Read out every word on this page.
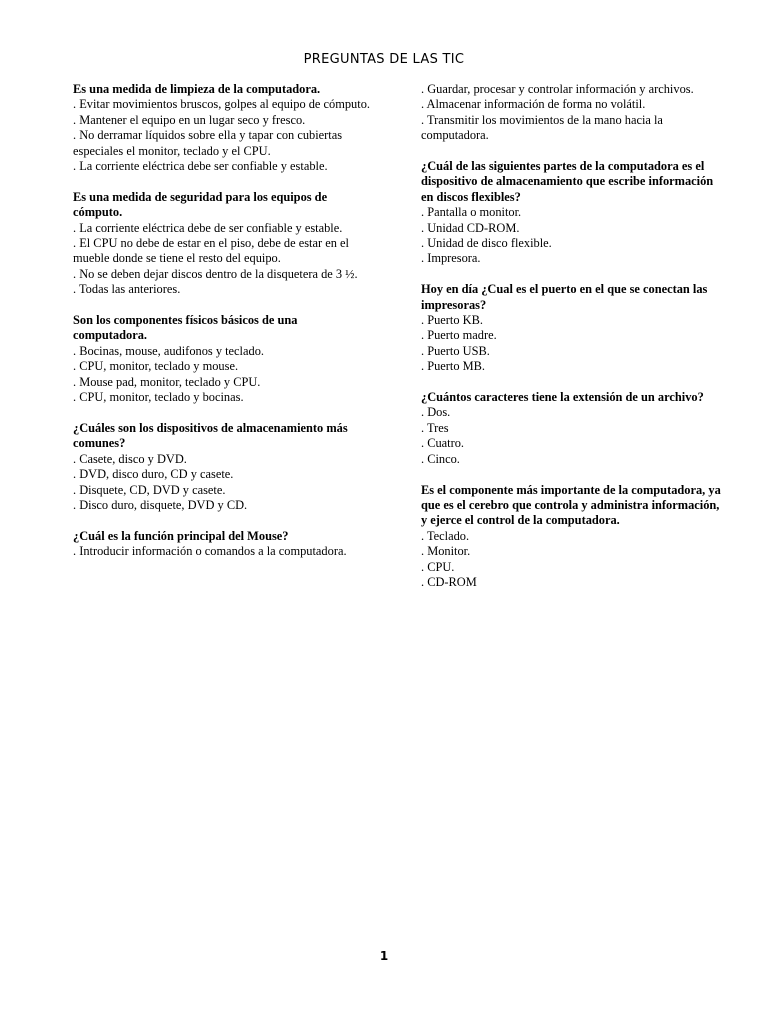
PREGUNTAS DE LAS TIC
Es una medida de limpieza de la computadora.
. Evitar movimientos bruscos, golpes al equipo de cómputo.
. Mantener el equipo en un lugar seco y fresco.
. No derramar líquidos sobre ella y tapar con cubiertas especiales el monitor, teclado y el CPU.
. La corriente eléctrica debe ser confiable y estable.
Es una medida de seguridad para los equipos de cómputo.
. La corriente eléctrica debe de ser confiable y estable.
. El CPU no debe de estar en el piso, debe de estar en el mueble donde se tiene el resto del equipo.
. No se deben dejar discos dentro de la disquetera de 3 ½.
. Todas las anteriores.
Son los componentes físicos básicos de una computadora.
. Bocinas, mouse, audifonos y teclado.
. CPU, monitor, teclado y mouse.
. Mouse pad, monitor, teclado y CPU.
. CPU, monitor, teclado y bocinas.
¿Cuáles son los dispositivos de almacenamiento más comunes?
. Casete, disco y DVD.
. DVD, disco duro, CD y casete.
. Disquete, CD, DVD y casete.
. Disco duro, disquete, DVD y CD.
¿Cuál es la función principal del Mouse?
. Introducir información o comandos a la computadora.
. Guardar, procesar y controlar información y archivos.
. Almacenar información de forma no volátil.
. Transmitir los movimientos de la mano hacia la computadora.
¿Cuál de las siguientes partes de la computadora es el dispositivo de almacenamiento que escribe información en discos flexibles?
. Pantalla o monitor.
. Unidad CD-ROM.
. Unidad de disco flexible.
. Impresora.
Hoy en día ¿Cual es el puerto en el que se conectan las impresoras?
. Puerto KB.
. Puerto madre.
. Puerto USB.
. Puerto MB.
¿Cuántos caracteres tiene la extensión de un archivo?
. Dos.
. Tres
. Cuatro.
. Cinco.
Es el componente más importante de la computadora, ya que es el cerebro que controla y administra información, y ejerce el control de la computadora.
. Teclado.
. Monitor.
. CPU.
. CD-ROM
1
